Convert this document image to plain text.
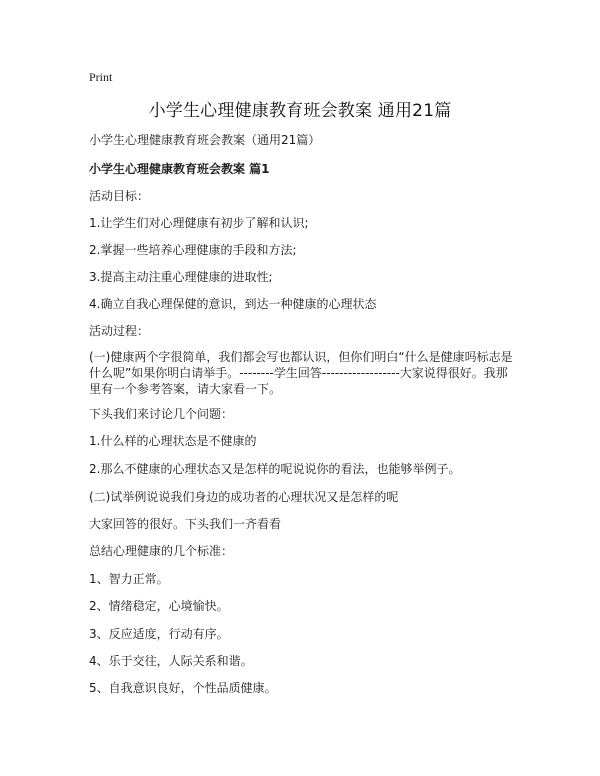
Print
小学生心理健康教育班会教案 通用21篇
小学生心理健康教育班会教案（通用21篇）
小学生心理健康教育班会教案 篇1
活动目标：
1.让学生们对心理健康有初步了解和认识;
2.掌握一些培养心理健康的手段和方法;
3.提高主动注重心理健康的进取性;
4.确立自我心理保健的意识，到达一种健康的心理状态
活动过程：
(一)健康两个字很简单，我们都会写也都认识，但你们明白“什么是健康吗标志是什么呢”如果你明白请举手。--------学生回答------------------大家说得很好。我那里有一个参考答案，请大家看一下。
下头我们来讨论几个问题：
1.什么样的心理状态是不健康的
2.那么不健康的心理状态又是怎样的呢说说你的看法，也能够举例子。
(二)试举例说说我们身边的成功者的心理状况又是怎样的呢
大家回答的很好。下头我们一齐看看
总结心理健康的几个标准：
1、智力正常。
2、情绪稳定，心境愉快。
3、反应适度，行动有序。
4、乐于交往，人际关系和谐。
5、自我意识良好，个性品质健康。
